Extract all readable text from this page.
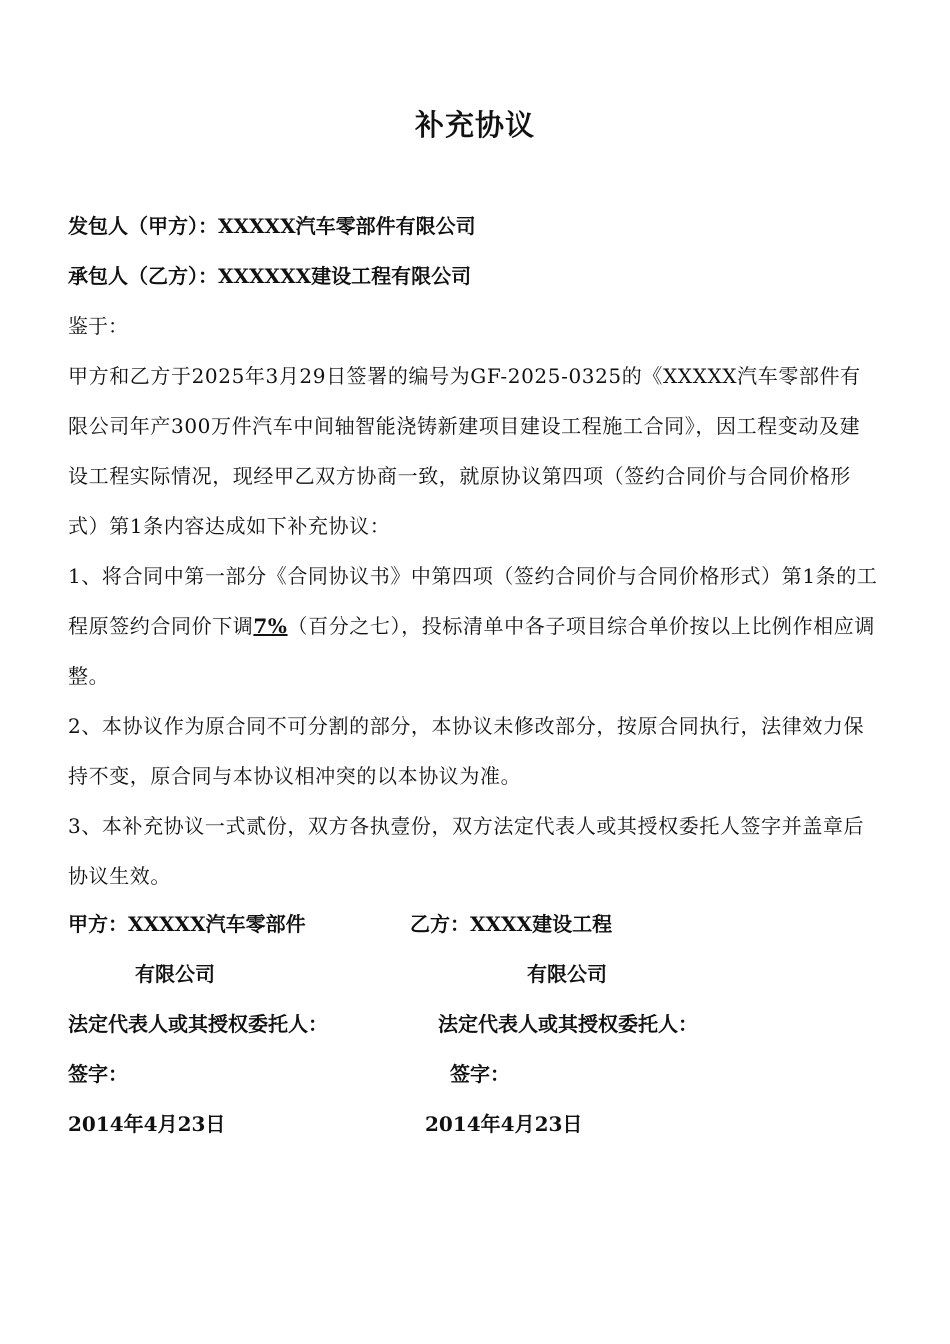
补充协议
发包人（甲方）：XXXXX汽车零部件有限公司
承包人（乙方）：XXXXXX建设工程有限公司
鉴于：

甲方和乙方于2025年3月29日签署的编号为GF-2025-0325的《XXXXX汽车零部件有限公司年产300万件汽车中间轴智能浇铸新建项目建设工程施工合同》，因工程变动及建设工程实际情况，现经甲乙双方协商一致，就原协议第四项（签约合同价与合同价格形式）第1条内容达成如下补充协议：

1、将合同中第一部分《合同协议书》中第四项（签约合同价与合同价格形式）第1条的工程原签约合同价下调7%（百分之七），投标清单中各子项目综合单价按以上比例作相应调整。

2、本协议作为原合同不可分割的部分，本协议未修改部分，按原合同执行，法律效力保持不变，原合同与本协议相冲突的以本协议为准。

3、本补充协议一式贰份，双方各执壹份，双方法定代表人或其授权委托人签字并盖章后协议生效。

甲方：XXXXX汽车零部件
有限公司
法定代表人或其授权委托人：
签字：
2014年4月23日
乙方：XXXX建设工程
有限公司
法定代表人或其授权委托人：
签字：
2014年4月23日
